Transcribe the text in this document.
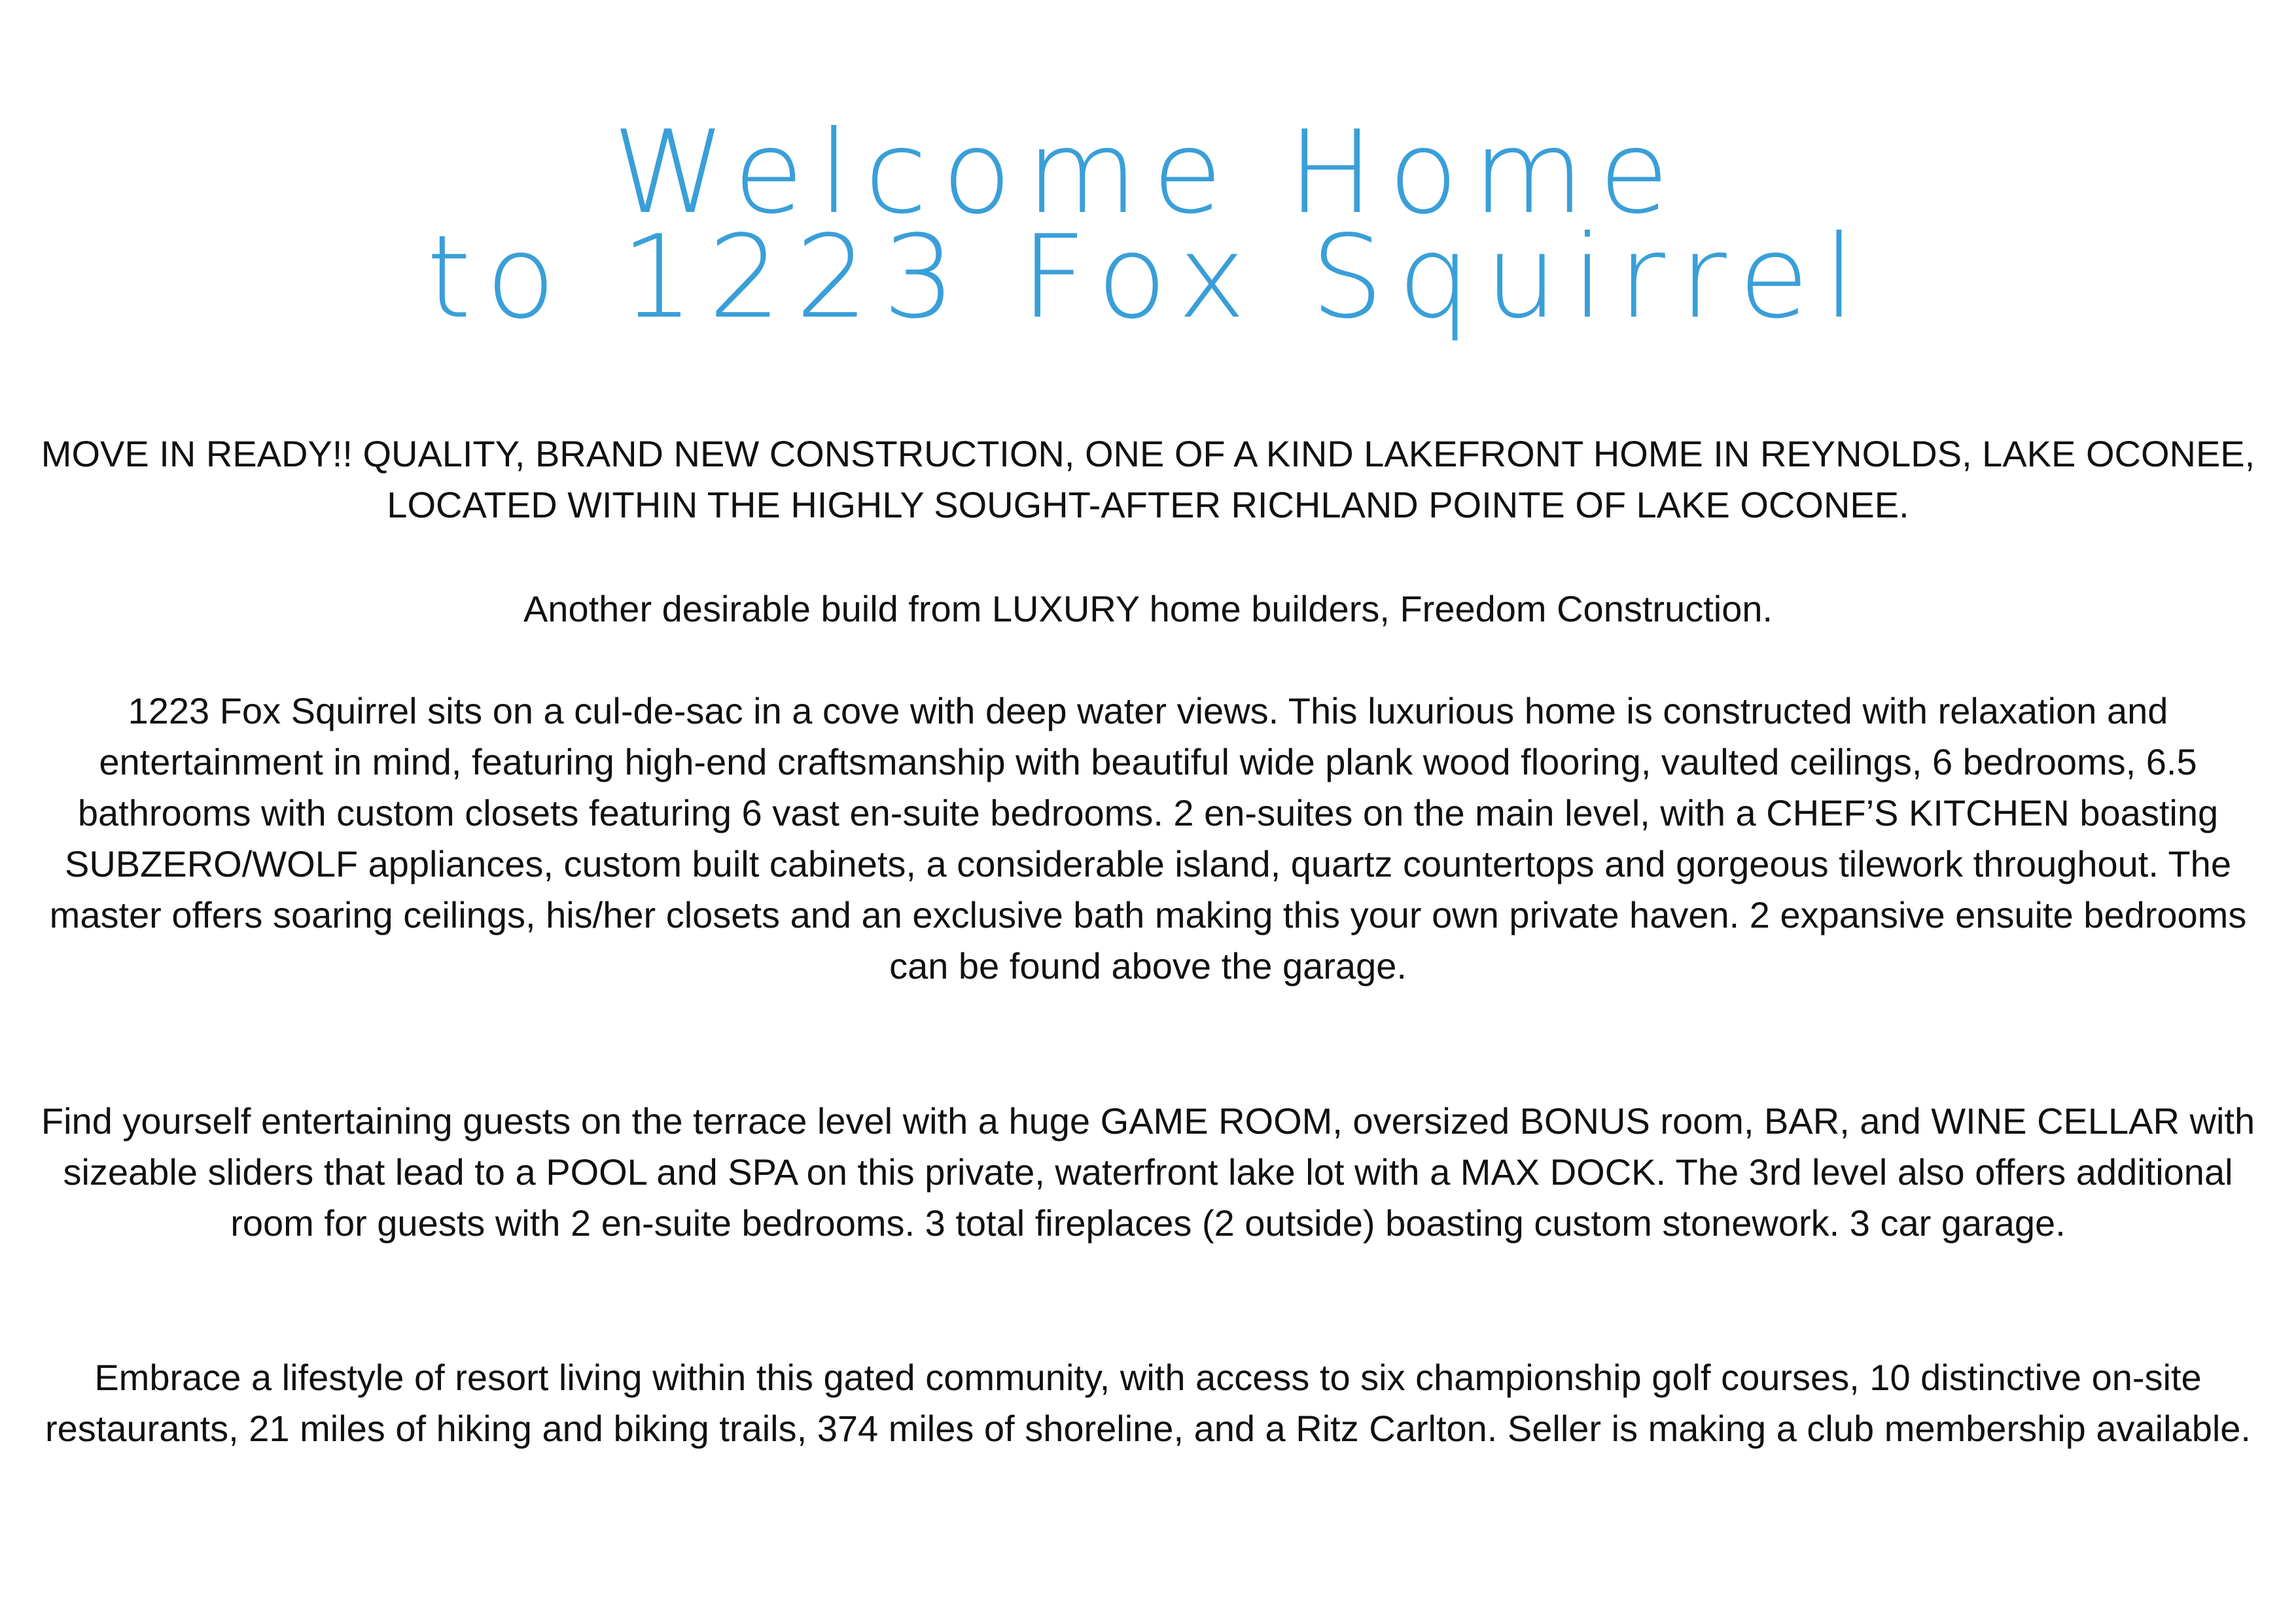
Welcome Home
to 1223 Fox Squirrel

MOVE IN READY!! QUALITY, BRAND NEW CONSTRUCTION, ONE OF A KIND LAKEFRONT HOME IN REYNOLDS, LAKE OCONEE, LOCATED WITHIN THE HIGHLY SOUGHT-AFTER RICHLAND POINTE OF LAKE OCONEE.

Another desirable build from LUXURY home builders, Freedom Construction.

1223 Fox Squirrel sits on a cul-de-sac in a cove with deep water views. This luxurious home is constructed with relaxation and entertainment in mind, featuring high-end craftsmanship with beautiful wide plank wood flooring, vaulted ceilings, 6 bedrooms, 6.5 bathrooms with custom closets featuring 6 vast en-suite bedrooms. 2 en-suites on the main level, with a CHEF’S KITCHEN boasting SUBZERO/WOLF appliances, custom built cabinets, a considerable island, quartz countertops and gorgeous tilework throughout. The master offers soaring ceilings, his/her closets and an exclusive bath making this your own private haven. 2 expansive ensuite bedrooms can be found above the garage.

Find yourself entertaining guests on the terrace level with a huge GAME ROOM, oversized BONUS room, BAR, and WINE CELLAR with sizeable sliders that lead to a POOL and SPA on this private, waterfront lake lot with a MAX DOCK. The 3rd level also offers additional room for guests with 2 en-suite bedrooms. 3 total fireplaces (2 outside) boasting custom stonework. 3 car garage.

Embrace a lifestyle of resort living within this gated community, with access to six championship golf courses, 10 distinctive on-site restaurants, 21 miles of hiking and biking trails, 374 miles of shoreline, and a Ritz Carlton. Seller is making a club membership available.
